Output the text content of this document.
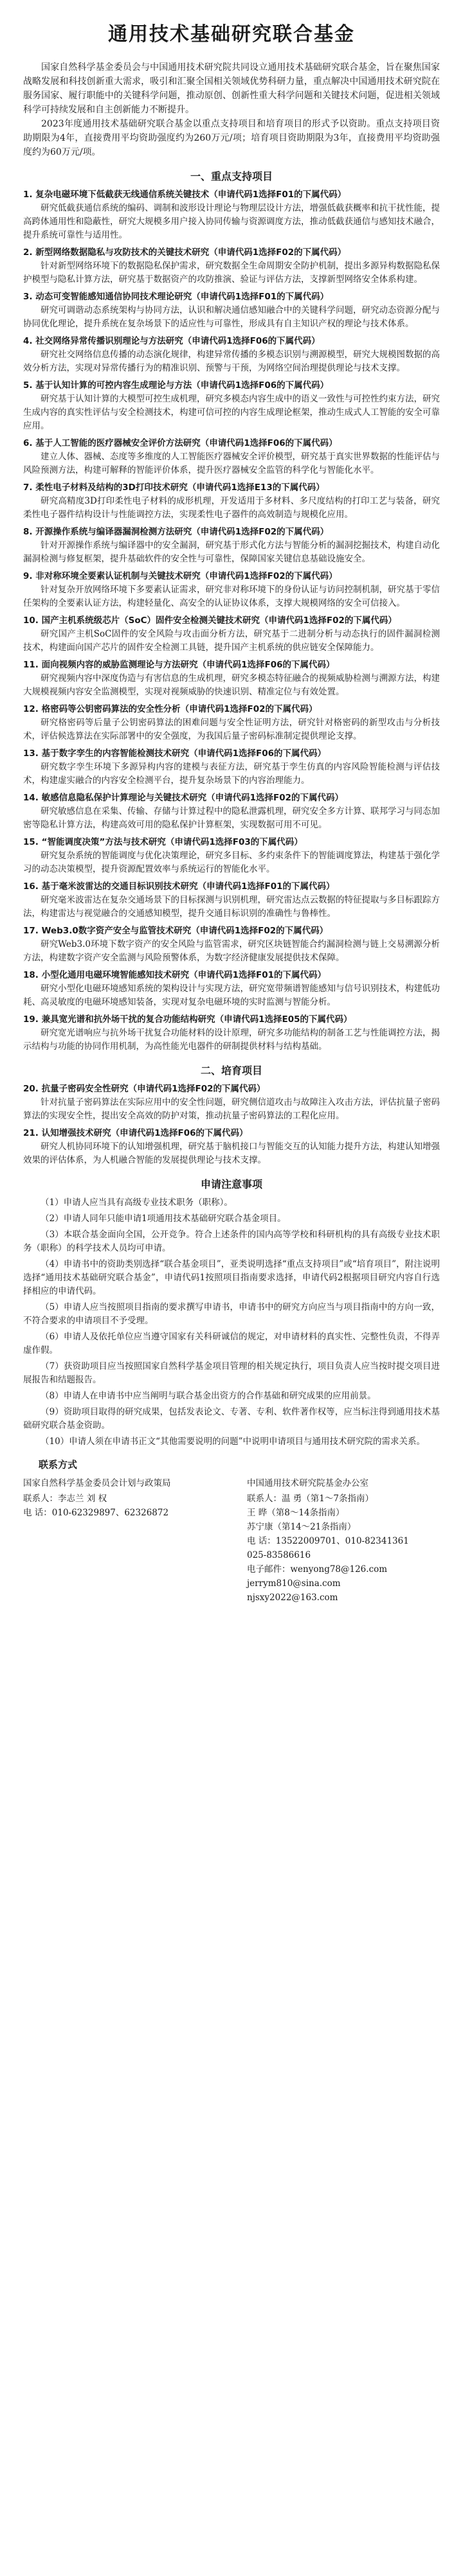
通用技术基础研究联合基金

国家自然科学基金委员会与中国通用技术研究院共同设立通用技术基础研究联合基金，旨在聚焦国家战略发展和科技创新重大需求，吸引和汇聚全国相关领域优势科研力量，重点解决中国通用技术研究院在服务国家、履行职能中的关键科学问题，推动原创、创新性重大科学问题和关键技术问题，促进相关领域科学可持续发展和自主创新能力不断提升。

2023年度通用技术基础研究联合基金以重点支持项目和培育项目的形式予以资助。重点支持项目资助期限为4年，直接费用平均资助强度约为260万元/项；培育项目资助期限为3年，直接费用平均资助强度约为60万元/项。

一、重点支持项目
1. 复杂电磁环境下低截获无线通信系统关键技术（申请代码1选择F01的下属代码）
研究低截获通信系统的编码、调制和波形设计理论与物理层设计方法，增强低截获概率和抗干扰性能，提高跨体通用性和隐蔽性，研究大规模多用户接入协同传输与资源调度方法，推动低截获通信与感知技术融合，提升系统可靠性与适用性。
2. 新型网络数据隐私与攻防技术的关键技术研究（申请代码1选择F02的下属代码）
针对新型网络环境下的数据隐私保护需求，研究数据全生命周期安全防护机制，提出多源异构数据隐私保护模型与隐私计算方法，研究基于数据资产的攻防推演、验证与评估方法，支撑新型网络安全体系构建。
3. 动态可变智能感知通信协同技术理论研究（申请代码1选择F01的下属代码）
研究可调谐动态系统架构与协同方法，认识和解决通信感知融合中的关键科学问题，研究动态资源分配与协同优化理论，提升系统在复杂场景下的适应性与可靠性，形成具有自主知识产权的理论与技术体系。
4. 社交网络异常传播识别理论与方法研究（申请代码1选择F06的下属代码）
研究社交网络信息传播的动态演化规律，构建异常传播的多模态识别与溯源模型，研究大规模图数据的高效分析方法，实现对异常传播行为的精准识别、预警与干预，为网络空间治理提供理论与技术支撑。
5. 基于认知计算的可控内容生成理论与方法（申请代码1选择F06的下属代码）
研究基于认知计算的大模型可控生成机理，研究多模态内容生成中的语义一致性与可控性约束方法，研究生成内容的真实性评估与安全检测技术，构建可信可控的内容生成理论框架，推动生成式人工智能的安全可靠应用。
6. 基于人工智能的医疗器械安全评价方法研究（申请代码1选择F06的下属代码）
建立人体、器械、态度等多维度的人工智能医疗器械安全评价模型，研究基于真实世界数据的性能评估与风险预测方法，构建可解释的智能评价体系，提升医疗器械安全监管的科学化与智能化水平。
7. 柔性电子材料及结构的3D打印技术研究（申请代码1选择E13的下属代码）
研究高精度3D打印柔性电子材料的成形机理，开发适用于多材料、多尺度结构的打印工艺与装备，研究柔性电子器件结构设计与性能调控方法，实现柔性电子器件的高效制造与规模化应用。
8. 开源操作系统与编译器漏洞检测方法研究（申请代码1选择F02的下属代码）
针对开源操作系统与编译器中的安全漏洞，研究基于形式化方法与智能分析的漏洞挖掘技术，构建自动化漏洞检测与修复框架，提升基础软件的安全性与可靠性，保障国家关键信息基础设施安全。
9. 非对称环境全要素认证机制与关键技术研究（申请代码1选择F02的下属代码）
针对复杂开放网络环境下多要素认证需求，研究非对称环境下的身份认证与访问控制机制，研究基于零信任架构的全要素认证方法，构建轻量化、高安全的认证协议体系，支撑大规模网络的安全可信接入。
10. 国产主机系统级芯片（SoC）固件安全检测关键技术研究（申请代码1选择F02的下属代码）
研究国产主机SoC固件的安全风险与攻击面分析方法，研究基于二进制分析与动态执行的固件漏洞检测技术，构建面向国产芯片的固件安全检测工具链，提升国产主机系统的供应链安全保障能力。
11. 面向视频内容的威胁监测理论与方法研究（申请代码1选择F06的下属代码）
研究视频内容中深度伪造与有害信息的生成机理，研究多模态特征融合的视频威胁检测与溯源方法，构建大规模视频内容安全监测模型，实现对视频威胁的快速识别、精准定位与有效处置。
12. 格密码等公钥密码算法的安全性分析（申请代码1选择F02的下属代码）
研究格密码等后量子公钥密码算法的困难问题与安全性证明方法，研究针对格密码的新型攻击与分析技术，评估候选算法在实际部署中的安全强度，为我国后量子密码标准制定提供理论支撑。
13. 基于数字孪生的内容智能检测技术研究（申请代码1选择F06的下属代码）
研究数字孪生环境下多源异构内容的建模与表征方法，研究基于孪生仿真的内容风险智能检测与评估技术，构建虚实融合的内容安全检测平台，提升复杂场景下的内容治理能力。
14. 敏感信息隐私保护计算理论与关键技术研究（申请代码1选择F02的下属代码）
研究敏感信息在采集、传输、存储与计算过程中的隐私泄露机理，研究安全多方计算、联邦学习与同态加密等隐私计算方法，构建高效可用的隐私保护计算框架，实现数据可用不可见。
15. “智能调度决策”方法与技术研究（申请代码1选择F03的下属代码）
研究复杂系统的智能调度与优化决策理论，研究多目标、多约束条件下的智能调度算法，构建基于强化学习的动态决策模型，提升资源配置效率与系统运行的智能化水平。
16. 基于毫米波雷达的交通目标识别技术研究（申请代码1选择F01的下属代码）
研究毫米波雷达在复杂交通场景下的目标探测与识别机理，研究雷达点云数据的特征提取与多目标跟踪方法，构建雷达与视觉融合的交通感知模型，提升交通目标识别的准确性与鲁棒性。
17. Web3.0数字资产安全与监管技术研究（申请代码1选择F02的下属代码）
研究Web3.0环境下数字资产的安全风险与监管需求，研究区块链智能合约漏洞检测与链上交易溯源分析方法，构建数字资产安全监测与风险预警体系，为数字经济健康发展提供技术保障。
18. 小型化通用电磁环境智能感知技术研究（申请代码1选择F01的下属代码）
研究小型化电磁环境感知系统的架构设计与实现方法，研究宽带频谱智能感知与信号识别技术，构建低功耗、高灵敏度的电磁环境感知装备，实现对复杂电磁环境的实时监测与智能分析。
19. 兼具宽光谱和抗外场干扰的复合功能结构研究（申请代码1选择E05的下属代码）
研究宽光谱响应与抗外场干扰复合功能材料的设计原理，研究多功能结构的制备工艺与性能调控方法，揭示结构与功能的协同作用机制，为高性能光电器件的研制提供材料与结构基础。
二、培育项目
20. 抗量子密码安全性研究（申请代码1选择F02的下属代码）
针对抗量子密码算法在实际应用中的安全性问题，研究侧信道攻击与故障注入攻击方法，评估抗量子密码算法的实现安全性，提出安全高效的防护对策，推动抗量子密码算法的工程化应用。
21. 认知增强技术研究（申请代码1选择F06的下属代码）
研究人机协同环境下的认知增强机理，研究基于脑机接口与智能交互的认知能力提升方法，构建认知增强效果的评估体系，为人机融合智能的发展提供理论与技术支撑。
申请注意事项

（1）申请人应当具有高级专业技术职务（职称）。

（2）申请人同年只能申请1项通用技术基础研究联合基金项目。

（3）本联合基金面向全国，公开竞争。符合上述条件的国内高等学校和科研机构的具有高级专业技术职务（职称）的科学技术人员均可申请。

（4）申请书中的资助类别选择“联合基金项目”，亚类说明选择“重点支持项目”或“培育项目”，附注说明选择“通用技术基础研究联合基金”，申请代码1按照项目指南要求选择，申请代码2根据项目研究内容自行选择相应的申请代码。

（5）申请人应当按照项目指南的要求撰写申请书，申请书中的研究方向应当与项目指南中的方向一致，不符合要求的申请项目不予受理。

（6）申请人及依托单位应当遵守国家有关科研诚信的规定，对申请材料的真实性、完整性负责，不得弄虚作假。

（7）获资助项目应当按照国家自然科学基金项目管理的相关规定执行，项目负责人应当按时提交项目进展报告和结题报告。

（8）申请人在申请书中应当阐明与联合基金出资方的合作基础和研究成果的应用前景。

（9）资助项目取得的研究成果，包括发表论文、专著、专利、软件著作权等，应当标注得到通用技术基础研究联合基金资助。

（10）申请人须在申请书正文“其他需要说明的问题”中说明申请项目与通用技术研究院的需求关系。

联系方式
国家自然科学基金委员会计划与政策局
联系人：李志兰 刘 权
电 话：010-62329897、62326872
中国通用技术研究院基金办公室
联系人：温 勇（第1～7条指南）
王 晔（第8～14条指南）
苏宁康（第14～21条指南）
电 话：13522009701、010-82341361
025-83586616
电子邮件：wenyong78@126.com
jerrym810@sina.com
njsxy2022@163.com
